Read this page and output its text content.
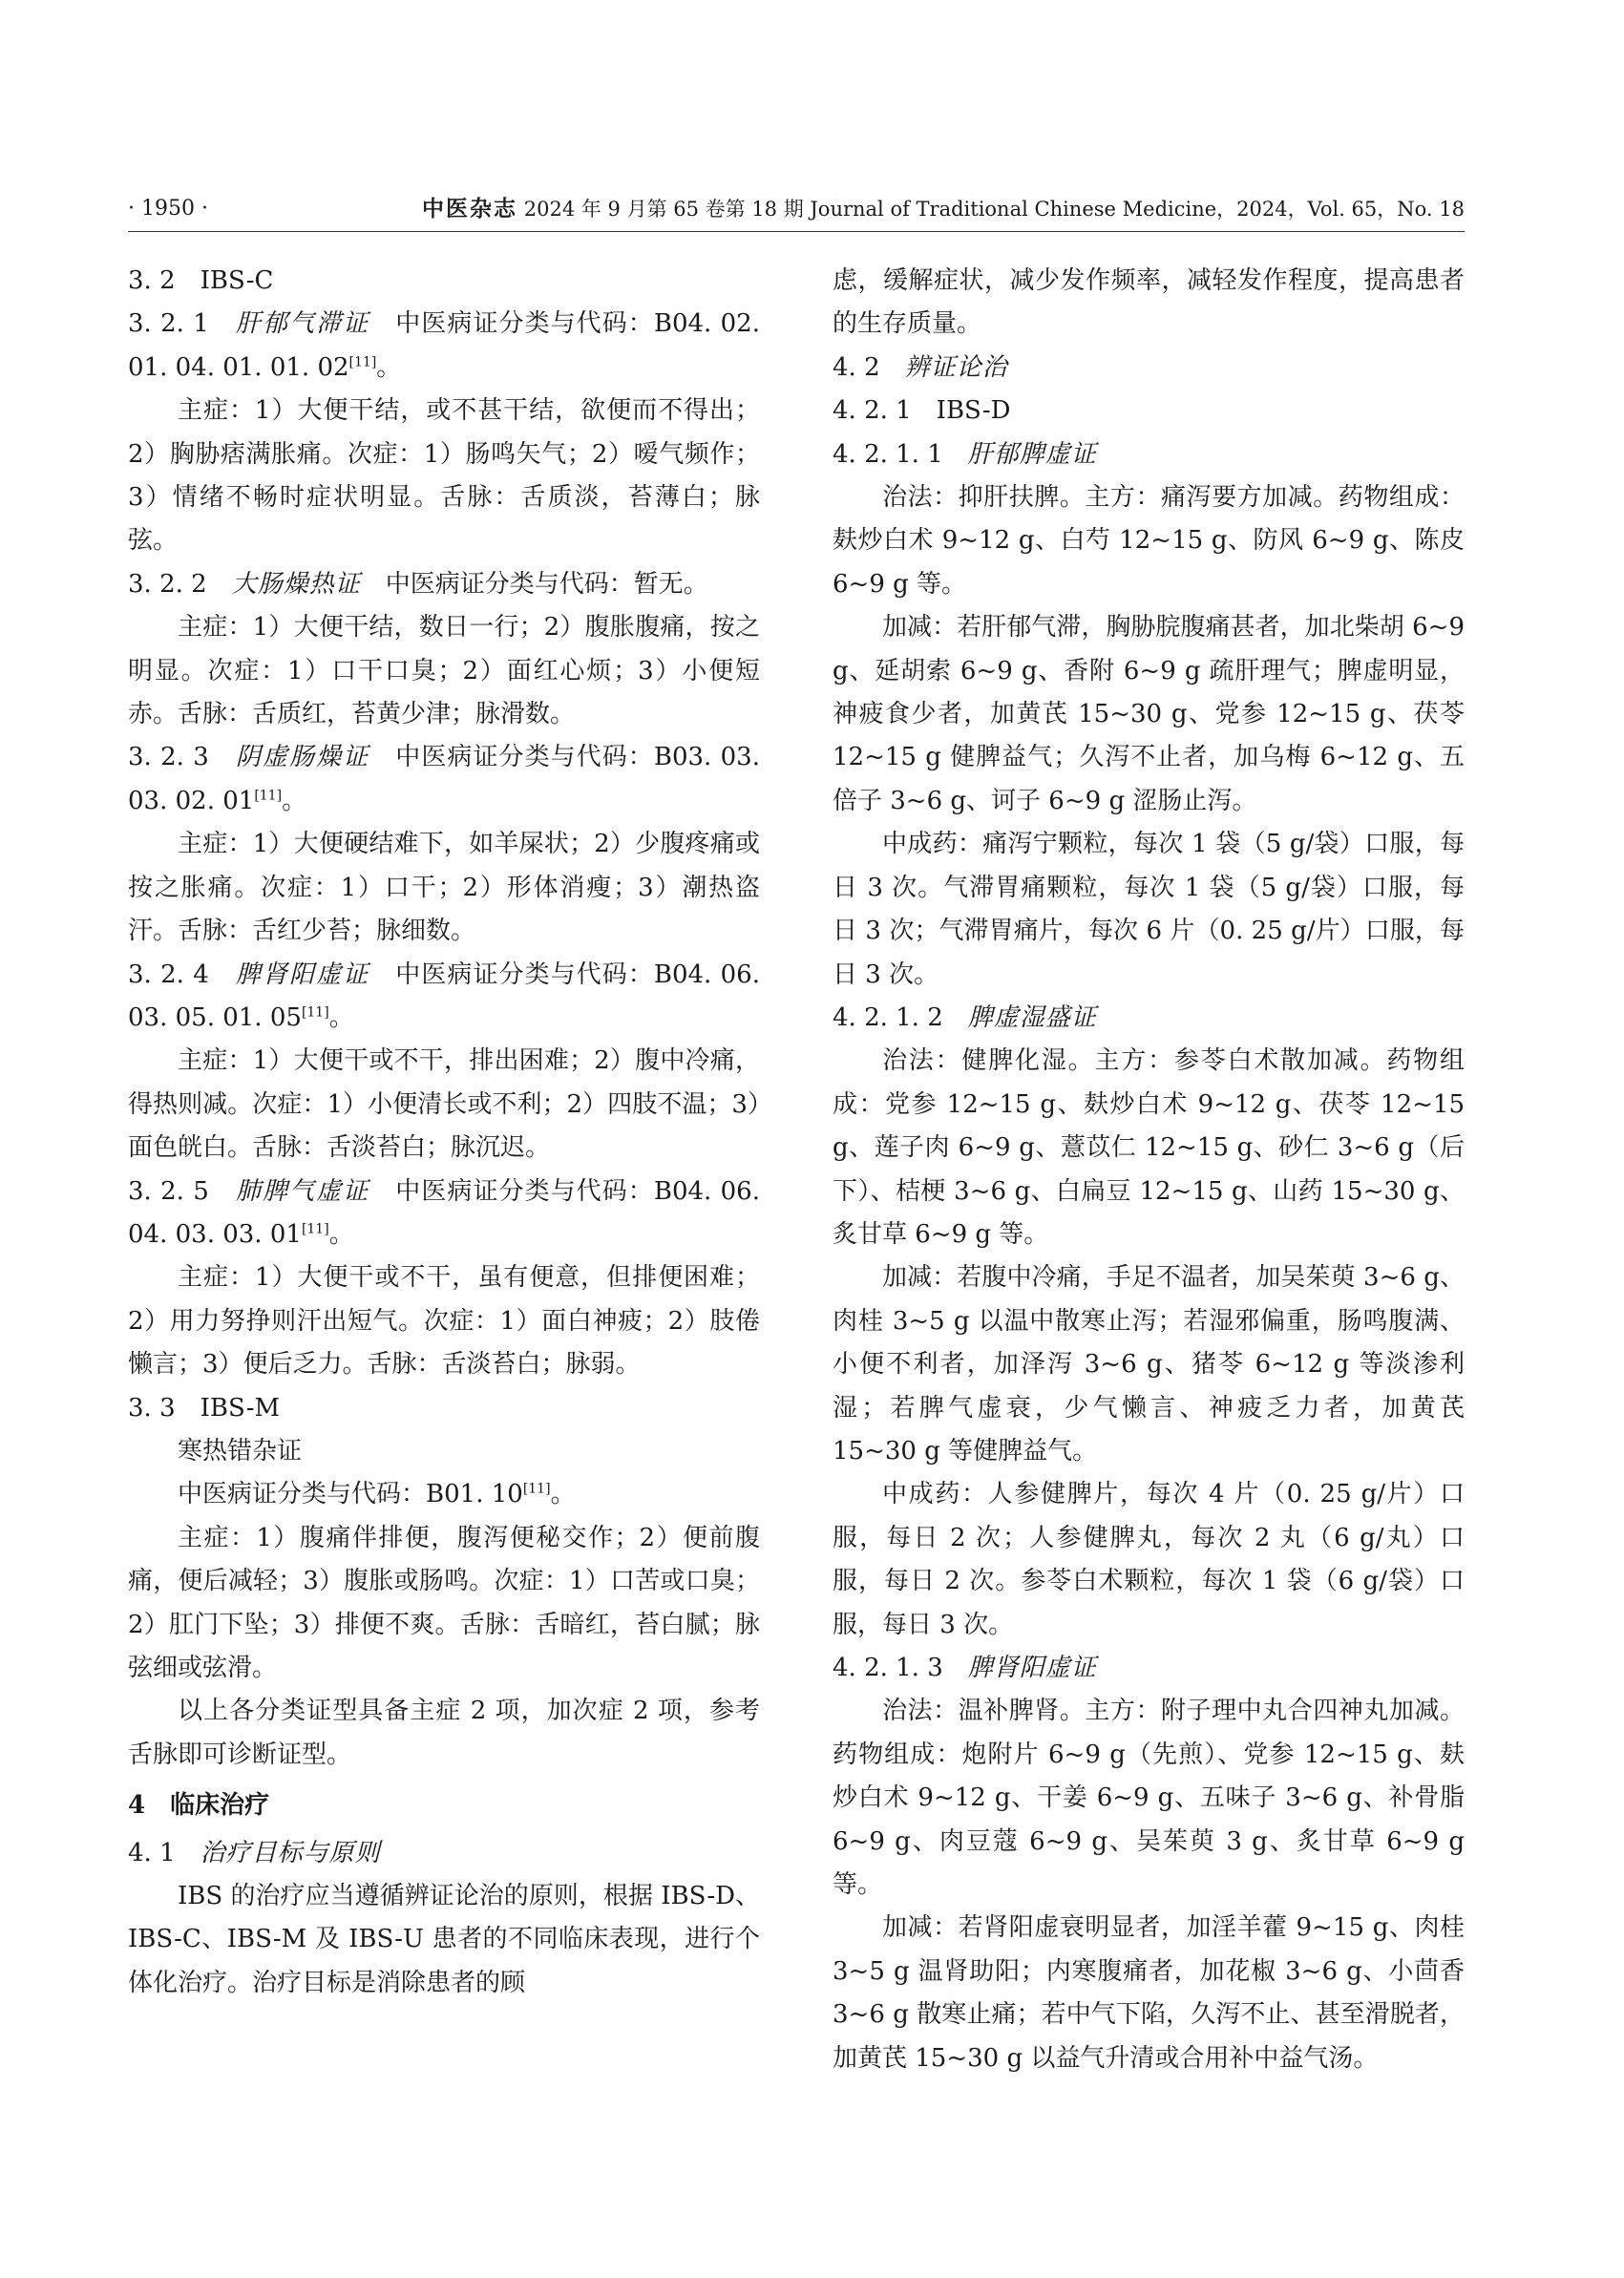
· 1950 ·	中医杂志 2024 年 9 月第 65 卷第 18 期 Journal of Traditional Chinese Medicine，2024，Vol. 65，No. 18

3. 2　IBS-C

3. 2. 1　肝郁气滞证　中医病证分类与代码：B04. 02. 01. 04. 01. 01. 02[11]。

主症：1）大便干结，或不甚干结，欲便而不得出；2）胸胁痞满胀痛。次症：1）肠鸣矢气；2）嗳气频作；3）情绪不畅时症状明显。舌脉：舌质淡，苔薄白；脉弦。

3. 2. 2　大肠燥热证　中医病证分类与代码：暂无。

主症：1）大便干结，数日一行；2）腹胀腹痛，按之明显。次症：1）口干口臭；2）面红心烦；3）小便短赤。舌脉：舌质红，苔黄少津；脉滑数。

3. 2. 3　阴虚肠燥证　中医病证分类与代码：B03. 03. 03. 02. 01[11]。

主症：1）大便硬结难下，如羊屎状；2）少腹疼痛或按之胀痛。次症：1）口干；2）形体消瘦；3）潮热盗汗。舌脉：舌红少苔；脉细数。

3. 2. 4　脾肾阳虚证　中医病证分类与代码：B04. 06. 03. 05. 01. 05[11]。

主症：1）大便干或不干，排出困难；2）腹中冷痛，得热则减。次症：1）小便清长或不利；2）四肢不温；3）面色㿠白。舌脉：舌淡苔白；脉沉迟。

3. 2. 5　肺脾气虚证　中医病证分类与代码：B04. 06. 04. 03. 03. 01[11]。

主症：1）大便干或不干，虽有便意，但排便困难；2）用力努挣则汗出短气。次症：1）面白神疲；2）肢倦懒言；3）便后乏力。舌脉：舌淡苔白；脉弱。

3. 3　IBS-M

寒热错杂证

中医病证分类与代码：B01. 10[11]。

主症：1）腹痛伴排便，腹泻便秘交作；2）便前腹痛，便后减轻；3）腹胀或肠鸣。次症：1）口苦或口臭；2）肛门下坠；3）排便不爽。舌脉：舌暗红，苔白腻；脉弦细或弦滑。

以上各分类证型具备主症 2 项，加次症 2 项，参考舌脉即可诊断证型。

4　临床治疗

4. 1　治疗目标与原则

IBS 的治疗应当遵循辨证论治的原则，根据 IBS-D、IBS-C、IBS-M 及 IBS-U 患者的不同临床表现，进行个体化治疗。治疗目标是消除患者的顾

虑，缓解症状，减少发作频率，减轻发作程度，提高患者的生存质量。

4. 2　辨证论治

4. 2. 1　IBS-D

4. 2. 1. 1　肝郁脾虚证

治法：抑肝扶脾。主方：痛泻要方加减。药物组成：麸炒白术 9~12 g、白芍 12~15 g、防风 6~9 g、陈皮 6~9 g 等。

加减：若肝郁气滞，胸胁脘腹痛甚者，加北柴胡 6~9 g、延胡索 6~9 g、香附 6~9 g 疏肝理气；脾虚明显，神疲食少者，加黄芪 15~30 g、党参 12~15 g、茯苓 12~15 g 健脾益气；久泻不止者，加乌梅 6~12 g、五倍子 3~6 g、诃子 6~9 g 涩肠止泻。

中成药：痛泻宁颗粒，每次 1 袋（5 g/袋）口服，每日 3 次。气滞胃痛颗粒，每次 1 袋（5 g/袋）口服，每日 3 次；气滞胃痛片，每次 6 片（0. 25 g/片）口服，每日 3 次。

4. 2. 1. 2　脾虚湿盛证

治法：健脾化湿。主方：参苓白术散加减。药物组成：党参 12~15 g、麸炒白术 9~12 g、茯苓 12~15 g、莲子肉 6~9 g、薏苡仁 12~15 g、砂仁 3~6 g（后下）、桔梗 3~6 g、白扁豆 12~15 g、山药 15~30 g、炙甘草 6~9 g 等。

加减：若腹中冷痛，手足不温者，加吴茱萸 3~6 g、肉桂 3~5 g 以温中散寒止泻；若湿邪偏重，肠鸣腹满、小便不利者，加泽泻 3~6 g、猪苓 6~12 g 等淡渗利湿；若脾气虚衰，少气懒言、神疲乏力者，加黄芪 15~30 g 等健脾益气。

中成药：人参健脾片，每次 4 片（0. 25 g/片）口服，每日 2 次；人参健脾丸，每次 2 丸（6 g/丸）口服，每日 2 次。参苓白术颗粒，每次 1 袋（6 g/袋）口服，每日 3 次。

4. 2. 1. 3　脾肾阳虚证

治法：温补脾肾。主方：附子理中丸合四神丸加减。药物组成：炮附片 6~9 g（先煎）、党参 12~15 g、麸炒白术 9~12 g、干姜 6~9 g、五味子 3~6 g、补骨脂 6~9 g、肉豆蔻 6~9 g、吴茱萸 3 g、炙甘草 6~9 g 等。

加减：若肾阳虚衰明显者，加淫羊藿 9~15 g、肉桂 3~5 g 温肾助阳；内寒腹痛者，加花椒 3~6 g、小茴香 3~6 g 散寒止痛；若中气下陷，久泻不止、甚至滑脱者，加黄芪 15~30 g 以益气升清或合用补中益气汤。
